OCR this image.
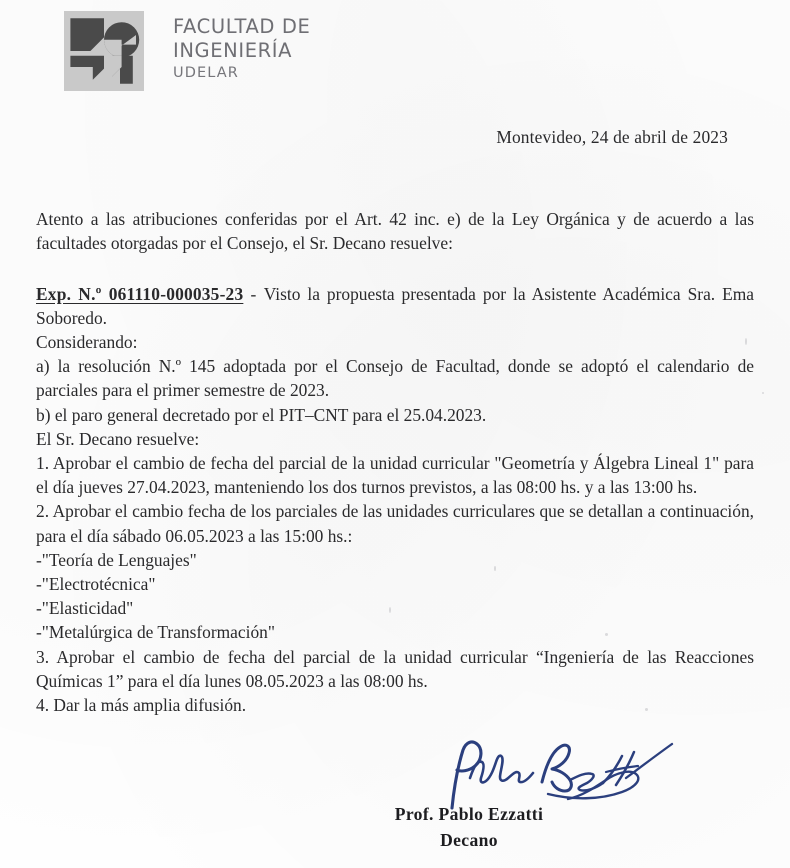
FACULTAD DE
INGENIERÍA
UDELAR

Montevideo, 24 de abril de 2023

Atento a las atribuciones conferidas por el Art. 42 inc. e) de la Ley Orgánica y de acuerdo a las facultades otorgadas por el Consejo, el Sr. Decano resuelve:

Exp. N.º 061110-000035-23 - Visto la propuesta presentada por la Asistente Académica Sra. Ema Soboredo.

Considerando:

a) la resolución N.º 145 adoptada por el Consejo de Facultad, donde se adoptó el calendario de parciales para el primer semestre de 2023.

b) el paro general decretado por el PIT–CNT para el 25.04.2023.

El Sr. Decano resuelve:

1. Aprobar el cambio de fecha del parcial de la unidad curricular "Geometría y Álgebra Lineal 1" para el día jueves 27.04.2023, manteniendo los dos turnos previstos, a las 08:00 hs. y a las 13:00 hs.

2. Aprobar el cambio fecha de los parciales de las unidades curriculares que se detallan a continuación, para el día sábado 06.05.2023 a las 15:00 hs.:

-"Teoría de Lenguajes"

-"Electrotécnica"

-"Elasticidad"

-"Metalúrgica de Transformación"

3. Aprobar el cambio de fecha del parcial de la unidad curricular “Ingeniería de las Reacciones Químicas 1” para el día lunes 08.05.2023 a las 08:00 hs.

4. Dar la más amplia difusión.

Prof. Pablo Ezzatti
Decano
